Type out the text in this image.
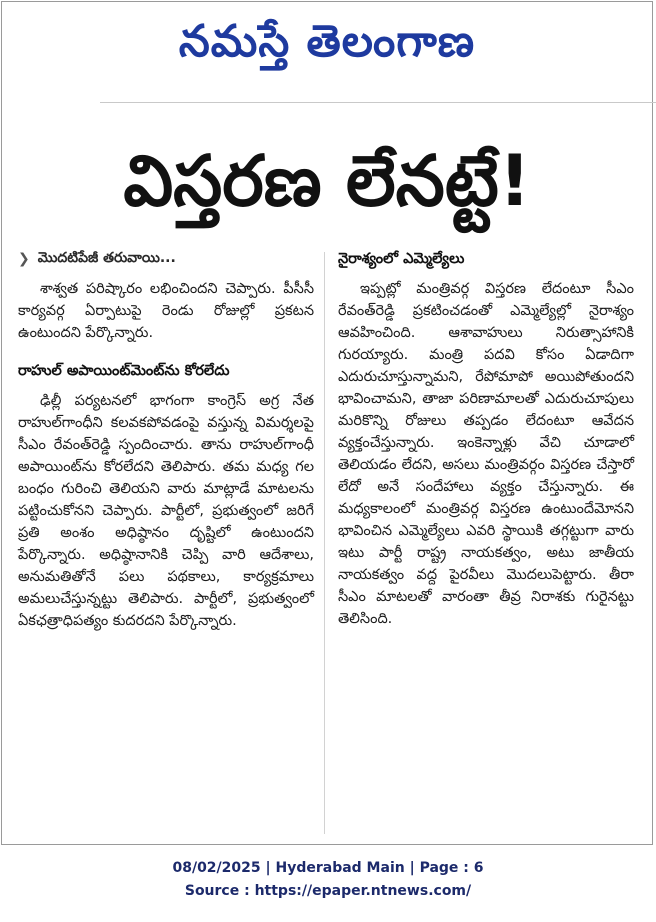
నమస్తే తెలంగాణ
విస్తరణ లేనట్టే!
❯ మొదటిపేజీ తరువాయి...

శాశ్వత పరిష్కారం లభించిందని చెప్పారు. పీసీసీ కార్యవర్గ ఏర్పాటుపై రెండు రోజుల్లో ప్రకటన ఉంటుందని పేర్కొన్నారు.

రాహుల్ అపాయింట్‌మెంట్‌ను కోరలేదు

ఢిల్లీ పర్యటనలో భాగంగా కాంగ్రెస్ అగ్ర నేత రాహుల్‌గాంధీని కలవకపోవడంపై వస్తున్న విమర్శలపై సీఎం రేవంత్‌రెడ్డి స్పందించారు. తాను రాహుల్‌గాంధీ అపాయింట్‌ను కోరలేదని తెలిపారు. తమ మధ్య గల బంధం గురించి తెలియని వారు మాట్లాడే మాటలను పట్టించుకోనని చెప్పారు. పార్టీలో, ప్రభుత్వంలో జరిగే ప్రతి అంశం అధిష్ఠానం దృష్టిలో ఉంటుందని పేర్కొన్నారు. అధిష్ఠానానికి చెప్పి వారి ఆదేశాలు, అనుమతితోనే పలు పథకాలు, కార్యక్రమాలు అమలుచేస్తున్నట్టు తెలిపారు. పార్టీలో, ప్రభుత్వంలో ఏకఛత్రాధిపత్యం కుదరదని పేర్కొన్నారు.

నైరాశ్యంలో ఎమ్మెల్యేలు

ఇప్పట్లో మంత్రివర్గ విస్తరణ లేదంటూ సీఎం రేవంత్‌రెడ్డి ప్రకటించడంతో ఎమ్మెల్యేల్లో నైరాశ్యం ఆవహించింది. ఆశావాహులు నిరుత్సాహానికి గురయ్యారు. మంత్రి పదవి కోసం ఏడాదిగా ఎదురుచూస్తున్నామని, రేపోమాపో అయిపోతుందని భావించామని, తాజా పరిణామాలతో ఎదురుచూపులు మరికొన్ని రోజులు తప్పడం లేదంటూ ఆవేదన వ్యక్తంచేస్తున్నారు. ఇంకెన్నాళ్లు వేచి చూడాలో తెలియడం లేదని, అసలు మంత్రివర్గం విస్తరణ చేస్తారో లేదో అనే సందేహాలు వ్యక్తం చేస్తున్నారు. ఈ మధ్యకాలంలో మంత్రివర్గ విస్తరణ ఉంటుందేమోనని భావించిన ఎమ్మెల్యేలు ఎవరి స్థాయికి తగ్గట్టుగా వారు ఇటు పార్టీ రాష్ట్ర నాయకత్వం, అటు జాతీయ నాయకత్వం వద్ద పైరవీలు మొదలుపెట్టారు. తీరా సీఎం మాటలతో వారంతా తీవ్ర నిరాశకు గురైనట్టు తెలిసింది.

08/02/2025 | Hyderabad Main | Page : 6
Source : https://epaper.ntnews.com/
